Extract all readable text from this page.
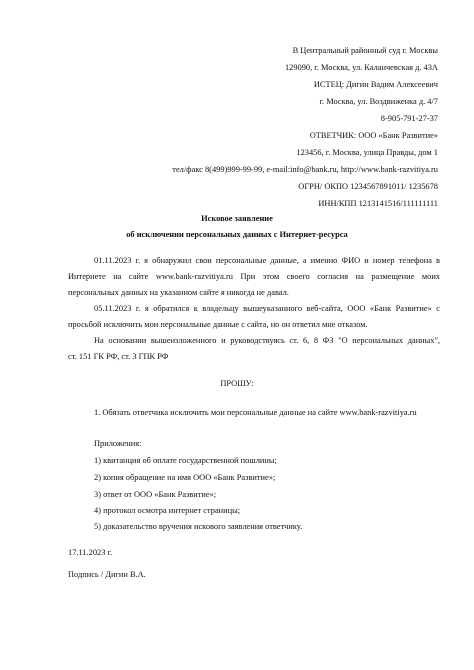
В Центральный районный суд г. Москвы
129090, г. Москва, ул. Каланчевская д. 43А
ИСТЕЦ: Дигин Вадим Алексеевич
г. Москва, ул. Воздвиженка д. 4/7
8-905-791-27-37
ОТВЕТЧИК: ООО «Банк Развитие»
123456, г. Москва, улица Правды, дом 1
тел/факс 8(499)999-99-99, e-mail:info@bank.ru, http://www.bank-razvitiya.ru
ОГРН/ ОКПО 1234567891011/ 1235678
ИНН/КПП 1213141516/111111111
Исковое заявление
об исключении персональных данных с Интернет-ресурса
01.11.2023 г. я обнаружил свои персональные данные, а именно ФИО и номер телефона в
Интернете на сайте www.bank-razvitiya.ru При этом своего согласия на размещение моих
персональных данных на указанном сайте я никогда не давал.
05.11.2023 г. я обратился к владельцу вышеуказанного веб-сайта, ООО «Банк Развитие» с
просьбой исключить мои персональные данные с сайта, но он ответил мне отказом.
На основании вышеизложенного и руководствуясь ст. 6, 8 ФЗ "О персональных данных",
ст. 151 ГК РФ, ст. 3 ГПК РФ
ПРОШУ:
1. Обязать ответчика исключить мои персональные данные на сайте www.bank-razvitiya.ru
Приложения:
1) квитанция об оплате государственной пошлины;
2) копия обращение на имя ООО «Банк Развитие»;
3) ответ от ООО «Банк Развитие»;
4) протокол осмотра интернет страницы;
5) доказательство вручения искового заявления ответчику.
17.11.2023 г.
Подпись / Дигин В.А.
